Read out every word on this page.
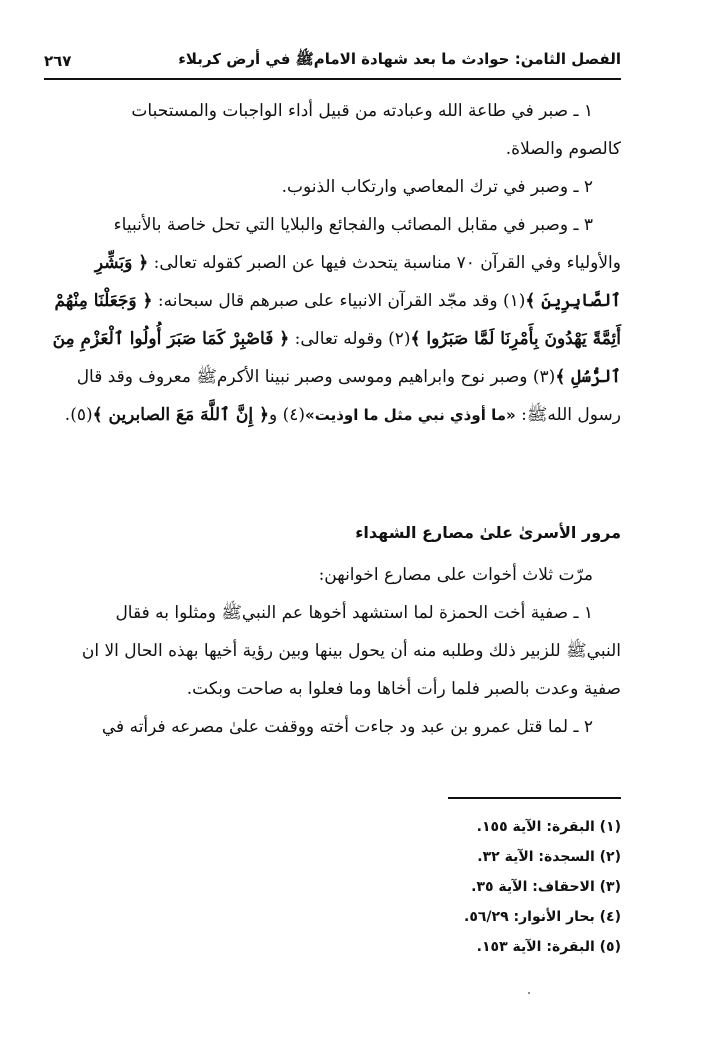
الفصل الثامن: حوادث ما بعد شهادة الامامﷺ في أرض كربلاء
٢٦٧

١ ـ صبر في طاعة الله وعبادته من قبيل أداء الواجبات والمستحبات

كالصوم والصلاة.

٢ ـ وصبر في ترك المعاصي وارتكاب الذنوب.

٣ ـ وصبر في مقابل المصائب والفجائع والبلايا التي تحل خاصة بالأنبياء

والأولياء وفي القرآن ٧٠ مناسبة يتحدث فيها عن الصبر كقوله تعالى: ﴿ وَبَشِّرِ

ٱلصَّابِرِينَ ﴾(١) وقد مجّد القرآن الانبياء على صبرهم قال سبحانه: ﴿ وَجَعَلْنَا مِنْهُمْ

أَئِمَّةً يَهْدُونَ بِأَمْرِنَا لَمَّا صَبَرُوا ﴾(٢) وقوله تعالى: ﴿ فَاصْبِرْ كَمَا صَبَرَ أُولُوا ٱلْعَزْمِ مِنَ

ٱلرُّسُلِ ﴾(٣) وصبر نوح وابراهيم وموسى وصبر نبينا الأكرمﷺ معروف وقد قال

رسول اللهﷺ: «ما أوذي نبي مثل ما اوذيت»(٤) و﴿ إِنَّ ٱللَّهَ مَعَ الصابرين ﴾(٥).

مرور الأسرىٰ علىٰ مصارع الشهداء

مرّت ثلاث أخوات على مصارع اخوانهن:

١ ـ صفية أخت الحمزة لما استشهد أخوها عم النبيﷺ ومثلوا به فقال

النبيﷺ للزبير ذلك وطلبه منه أن يحول بينها وبين رؤية أخيها بهذه الحال الا ان

صفية وعدت بالصبر فلما رأت أخاها وما فعلوا به صاحت وبكت.

٢ ـ لما قتل عمرو بن عبد ود جاءت أخته ووقفت علىٰ مصرعه فرأته في

(١) البقرة: الآية ١٥٥.
(٢) السجدة: الآية ٣٢.
(٣) الاحقاف: الآية ٣٥.
(٤) بحار الأنوار: ٥٦/٢٩.
(٥) البقرة: الآية ١٥٣.
